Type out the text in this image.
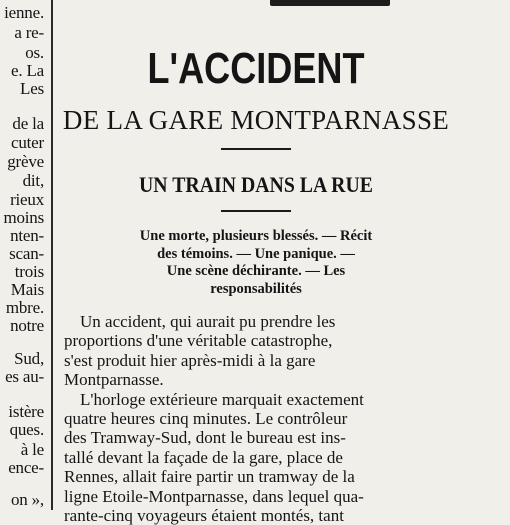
ienne.
a re-
os.
e. La
Les
de la
cuter
grève
dit,
rieux
moins
nten-
scan-
trois
Mais
mbre.
notre
Sud,
es au-
istère
ques.
à le
ence-
on »,
L'ACCIDENT
DE LA GARE MONTPARNASSE
UN TRAIN DANS LA RUE
Une morte, plusieurs blessés. — Récit
des témoins. — Une panique. —
Une scène déchirante. — Les
responsabilités
Un accident, qui aurait pu prendre les
proportions d'une véritable catastrophe,
s'est produit hier après-midi à la gare
Montparnasse.
L'horloge extérieure marquait exactement
quatre heures cinq minutes. Le contrôleur
des Tramway-Sud, dont le bureau est ins-
tallé devant la façade de la gare, place de
Rennes, allait faire partir un tramway de la
ligne Etoile-Montparnasse, dans lequel qua-
rante-cinq voyageurs étaient montés, tant
